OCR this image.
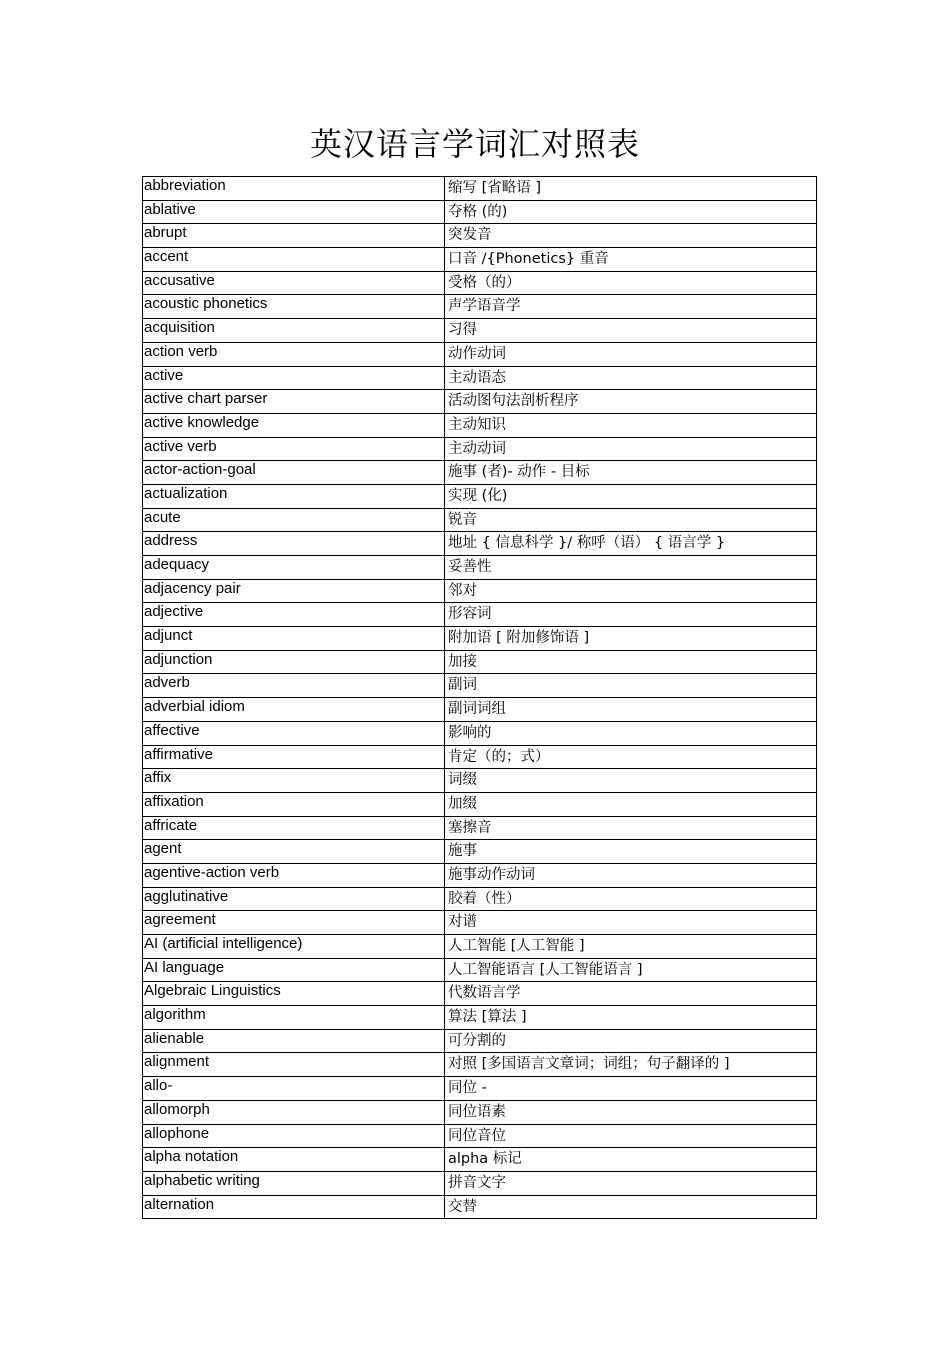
英汉语言学词汇对照表
abbreviation	缩写 [省略语 ]
ablative	夺格 (的)
abrupt	突发音
accent	口音 /{Phonetics} 重音
accusative	受格（的）
acoustic phonetics	声学语音学
acquisition	习得
action verb	动作动词
active	主动语态
active chart parser	活动图句法剖析程序
active knowledge	主动知识
active verb	主动动词
actor-action-goal	施事 (者)- 动作 - 目标
actualization	实现 (化)
acute	锐音
address	地址 { 信息科学 }/ 称呼（语） { 语言学 }
adequacy	妥善性
adjacency pair	邻对
adjective	形容词
adjunct	附加语 [ 附加修饰语 ]
adjunction	加接
adverb	副词
adverbial idiom	副词词组
affective	影响的
affirmative	肯定（的；式）
affix	词缀
affixation	加缀
affricate	塞擦音
agent	施事
agentive-action verb	施事动作动词
agglutinative	胶着（性）
agreement	对谱
AI (artificial intelligence)	人工智能 [人工智能 ]
AI language	人工智能语言 [人工智能语言 ]
Algebraic Linguistics	代数语言学
algorithm	算法 [算法 ]
alienable	可分割的
alignment	对照 [多国语言文章词；词组；句子翻译的 ]
allo-	同位 -
allomorph	同位语素
allophone	同位音位
alpha notation	alpha 标记
alphabetic writing	拼音文字
alternation	交替
